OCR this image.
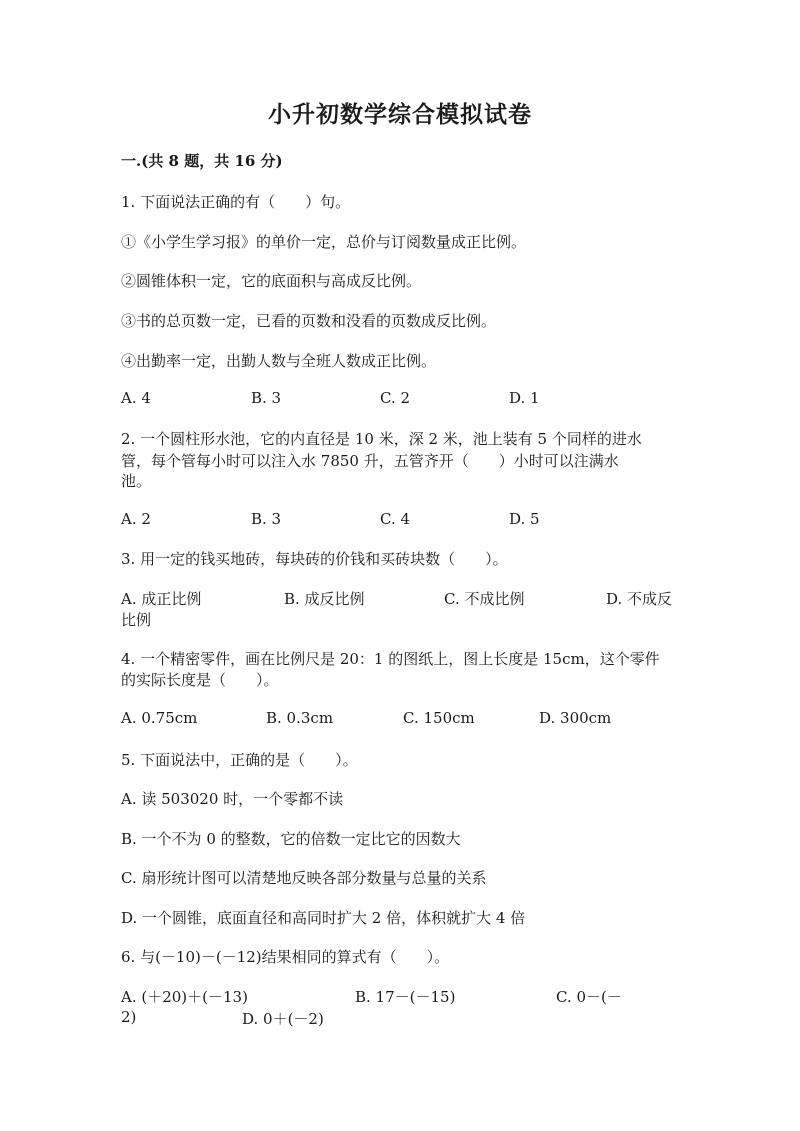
小升初数学综合模拟试卷
一.(共 8 题，共 16 分)
1. 下面说法正确的有（　　）句。
①《小学生学习报》的单价一定，总价与订阅数量成正比例。
②圆锥体积一定，它的底面积与高成反比例。
③书的总页数一定，已看的页数和没看的页数成反比例。
④出勤率一定，出勤人数与全班人数成正比例。
A. 4	B. 3	C. 2	D. 1
2. 一个圆柱形水池，它的内直径是 10 米，深 2 米，池上装有 5 个同样的进水
管，每个管每小时可以注入水 7850 升，五管齐开（　　）小时可以注满水
池。
A. 2	B. 3	C. 4	D. 5
3. 用一定的钱买地砖，每块砖的价钱和买砖块数（　　）。
A. 成正比例	B. 成反比例	C. 不成比例	D. 不成反
比例
4. 一个精密零件，画在比例尺是 20：1 的图纸上，图上长度是 15cm，这个零件
的实际长度是（　　）。
A. 0.75cm	B. 0.3cm	C. 150cm	D. 300cm
5. 下面说法中，正确的是（　　）。
A. 读 503020 时，一个零都不读
B. 一个不为 0 的整数，它的倍数一定比它的因数大
C. 扇形统计图可以清楚地反映各部分数量与总量的关系
D. 一个圆锥，底面直径和高同时扩大 2 倍，体积就扩大 4 倍
6. 与(－10)－(－12)结果相同的算式有（　　）。
A. (＋20)＋(－13)	B. 17－(－15)	C. 0－(－
2)	D. 0＋(－2)
